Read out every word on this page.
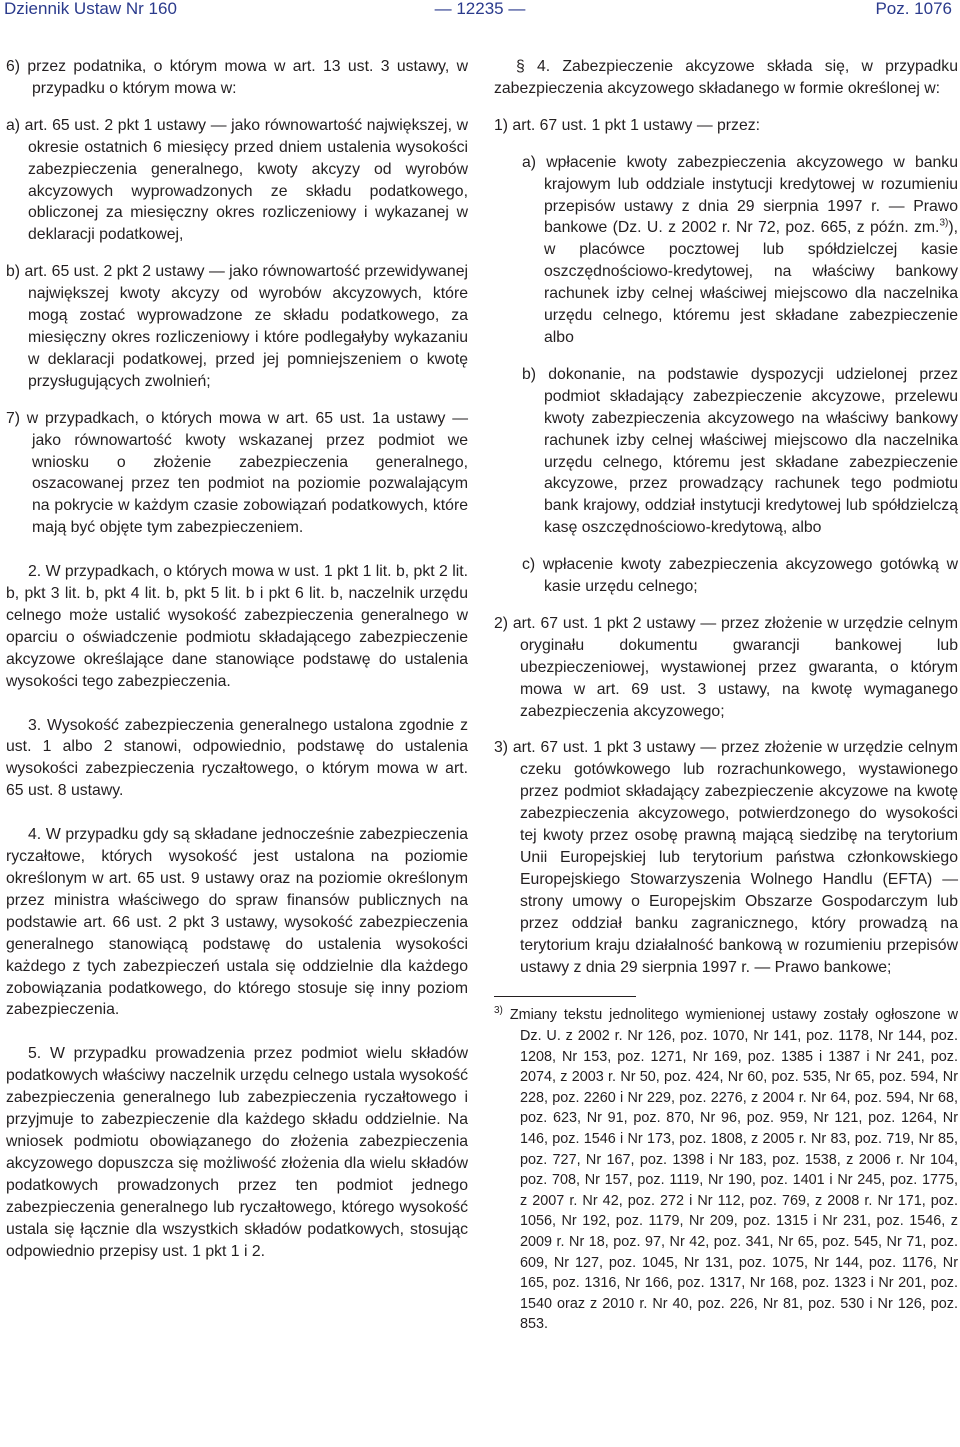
Dziennik Ustaw Nr 160	— 12235 —	Poz. 1076

6) przez podatnika, o którym mowa w art. 13 ust. 3 ustawy, w przypadku o którym mowa w:

a) art. 65 ust. 2 pkt 1 ustawy — jako równowartość największej, w okresie ostatnich 6 miesięcy przed dniem ustalenia wysokości zabezpieczenia generalnego, kwoty akcyzy od wyrobów akcyzowych wyprowadzonych ze składu podatkowego, obliczonej za miesięczny okres rozliczeniowy i wykazanej w deklaracji podatkowej,

b) art. 65 ust. 2 pkt 2 ustawy — jako równowartość przewidywanej największej kwoty akcyzy od wyrobów akcyzowych, które mogą zostać wyprowadzone ze składu podatkowego, za miesięczny okres rozliczeniowy i które podlegałyby wykazaniu w deklaracji podatkowej, przed jej pomniejszeniem o kwotę przysługujących zwolnień;

7) w przypadkach, o których mowa w art. 65 ust. 1a ustawy — jako równowartość kwoty wskazanej przez podmiot we wniosku o złożenie zabezpieczenia generalnego, oszacowanej przez ten podmiot na poziomie pozwalającym na pokrycie w każdym czasie zobowiązań podatkowych, które mają być objęte tym zabezpieczeniem.

2. W przypadkach, o których mowa w ust. 1 pkt 1 lit. b, pkt 2 lit. b, pkt 3 lit. b, pkt 4 lit. b, pkt 5 lit. b i pkt 6 lit. b, naczelnik urzędu celnego może ustalić wysokość zabezpieczenia generalnego w oparciu o oświadczenie podmiotu składającego zabezpieczenie akcyzowe określające dane stanowiące podstawę do ustalenia wysokości tego zabezpieczenia.

3. Wysokość zabezpieczenia generalnego ustalona zgodnie z ust. 1 albo 2 stanowi, odpowiednio, podstawę do ustalenia wysokości zabezpieczenia ryczałtowego, o którym mowa w art. 65 ust. 8 ustawy.

4. W przypadku gdy są składane jednocześnie zabezpieczenia ryczałtowe, których wysokość jest ustalona na poziomie określonym w art. 65 ust. 9 ustawy oraz na poziomie określonym przez ministra właściwego do spraw finansów publicznych na podstawie art. 66 ust. 2 pkt 3 ustawy, wysokość zabezpieczenia generalnego stanowiącą podstawę do ustalenia wysokości każdego z tych zabezpieczeń ustala się oddzielnie dla każdego zobowiązania podatkowego, do którego stosuje się inny poziom zabezpieczenia.

5. W przypadku prowadzenia przez podmiot wielu składów podatkowych właściwy naczelnik urzędu celnego ustala wysokość zabezpieczenia generalnego lub zabezpieczenia ryczałtowego i przyjmuje to zabezpieczenie dla każdego składu oddzielnie. Na wniosek podmiotu obowiązanego do złożenia zabezpieczenia akcyzowego dopuszcza się możliwość złożenia dla wielu składów podatkowych prowadzonych przez ten podmiot jednego zabezpieczenia generalnego lub ryczałtowego, którego wysokość ustala się łącznie dla wszystkich składów podatkowych, stosując odpowiednio przepisy ust. 1 pkt 1 i 2.

§ 4. Zabezpieczenie akcyzowe składa się, w przypadku zabezpieczenia akcyzowego składanego w formie określonej w:

1) art. 67 ust. 1 pkt 1 ustawy — przez:

a) wpłacenie kwoty zabezpieczenia akcyzowego w banku krajowym lub oddziale instytucji kredytowej w rozumieniu przepisów ustawy z dnia 29 sierpnia 1997 r. — Prawo bankowe (Dz. U. z 2002 r. Nr 72, poz. 665, z późn. zm.$^{3)}$), w placówce pocztowej lub spółdzielczej kasie oszczędnościowo-kredytowej, na właściwy bankowy rachunek izby celnej właściwej miejscowo dla naczelnika urzędu celnego, któremu jest składane zabezpieczenie albo

b) dokonanie, na podstawie dyspozycji udzielonej przez podmiot składający zabezpieczenie akcyzowe, przelewu kwoty zabezpieczenia akcyzowego na właściwy bankowy rachunek izby celnej właściwej miejscowo dla naczelnika urzędu celnego, któremu jest składane zabezpieczenie akcyzowe, przez prowadzący rachunek tego podmiotu bank krajowy, oddział instytucji kredytowej lub spółdzielczą kasę oszczędnościowo-kredytową, albo

c) wpłacenie kwoty zabezpieczenia akcyzowego gotówką w kasie urzędu celnego;

2) art. 67 ust. 1 pkt 2 ustawy — przez złożenie w urzędzie celnym oryginału dokumentu gwarancji bankowej lub ubezpieczeniowej, wystawionej przez gwaranta, o którym mowa w art. 69 ust. 3 ustawy, na kwotę wymaganego zabezpieczenia akcyzowego;

3) art. 67 ust. 1 pkt 3 ustawy — przez złożenie w urzędzie celnym czeku gotówkowego lub rozrachunkowego, wystawionego przez podmiot składający zabezpieczenie akcyzowe na kwotę zabezpieczenia akcyzowego, potwierdzonego do wysokości tej kwoty przez osobę prawną mającą siedzibę na terytorium Unii Europejskiej lub terytorium państwa członkowskiego Europejskiego Stowarzyszenia Wolnego Handlu (EFTA) — strony umowy o Europejskim Obszarze Gospodarczym lub przez oddział banku zagranicznego, który prowadzą na terytorium kraju działalność bankową w rozumieniu przepisów ustawy z dnia 29 sierpnia 1997 r. — Prawo bankowe;

$^{3)}$ Zmiany tekstu jednolitego wymienionej ustawy zostały ogłoszone w Dz. U. z 2002 r. Nr 126, poz. 1070, Nr 141, poz. 1178, Nr 144, poz. 1208, Nr 153, poz. 1271, Nr 169, poz. 1385 i 1387 i Nr 241, poz. 2074, z 2003 r. Nr 50, poz. 424, Nr 60, poz. 535, Nr 65, poz. 594, Nr 228, poz. 2260 i Nr 229, poz. 2276, z 2004 r. Nr 64, poz. 594, Nr 68, poz. 623, Nr 91, poz. 870, Nr 96, poz. 959, Nr 121, poz. 1264, Nr 146, poz. 1546 i Nr 173, poz. 1808, z 2005 r. Nr 83, poz. 719, Nr 85, poz. 727, Nr 167, poz. 1398 i Nr 183, poz. 1538, z 2006 r. Nr 104, poz. 708, Nr 157, poz. 1119, Nr 190, poz. 1401 i Nr 245, poz. 1775, z 2007 r. Nr 42, poz. 272 i Nr 112, poz. 769, z 2008 r. Nr 171, poz. 1056, Nr 192, poz. 1179, Nr 209, poz. 1315 i Nr 231, poz. 1546, z 2009 r. Nr 18, poz. 97, Nr 42, poz. 341, Nr 65, poz. 545, Nr 71, poz. 609, Nr 127, poz. 1045, Nr 131, poz. 1075, Nr 144, poz. 1176, Nr 165, poz. 1316, Nr 166, poz. 1317, Nr 168, poz. 1323 i Nr 201, poz. 1540 oraz z 2010 r. Nr 40, poz. 226, Nr 81, poz. 530 i Nr 126, poz. 853.
